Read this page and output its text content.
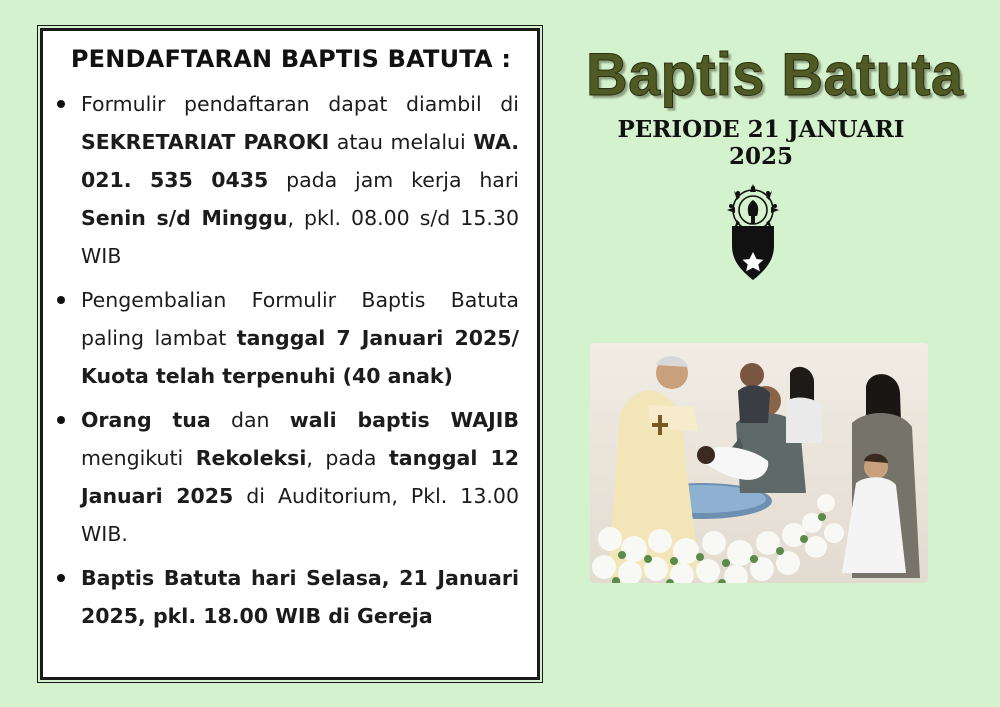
PENDAFTARAN BAPTIS BATUTA :
Formulir pendaftaran dapat diambil di SEKRETARIAT PAROKI atau melalui WA. 021. 535 0435 pada jam kerja hari Senin s/d Minggu, pkl. 08.00 s/d 15.30 WIB
Pengembalian Formulir Baptis Batuta paling lambat tanggal 7 Januari 2025/ Kuota telah terpenuhi (40 anak)
Orang tua dan wali baptis WAJIB mengikuti Rekoleksi, pada tanggal 12 Januari 2025 di Auditorium, Pkl. 13.00 WIB.
Baptis Batuta hari Selasa, 21 Januari 2025, pkl. 18.00 WIB di Gereja
Baptis Batuta
PERIODE 21 JANUARI 2025
